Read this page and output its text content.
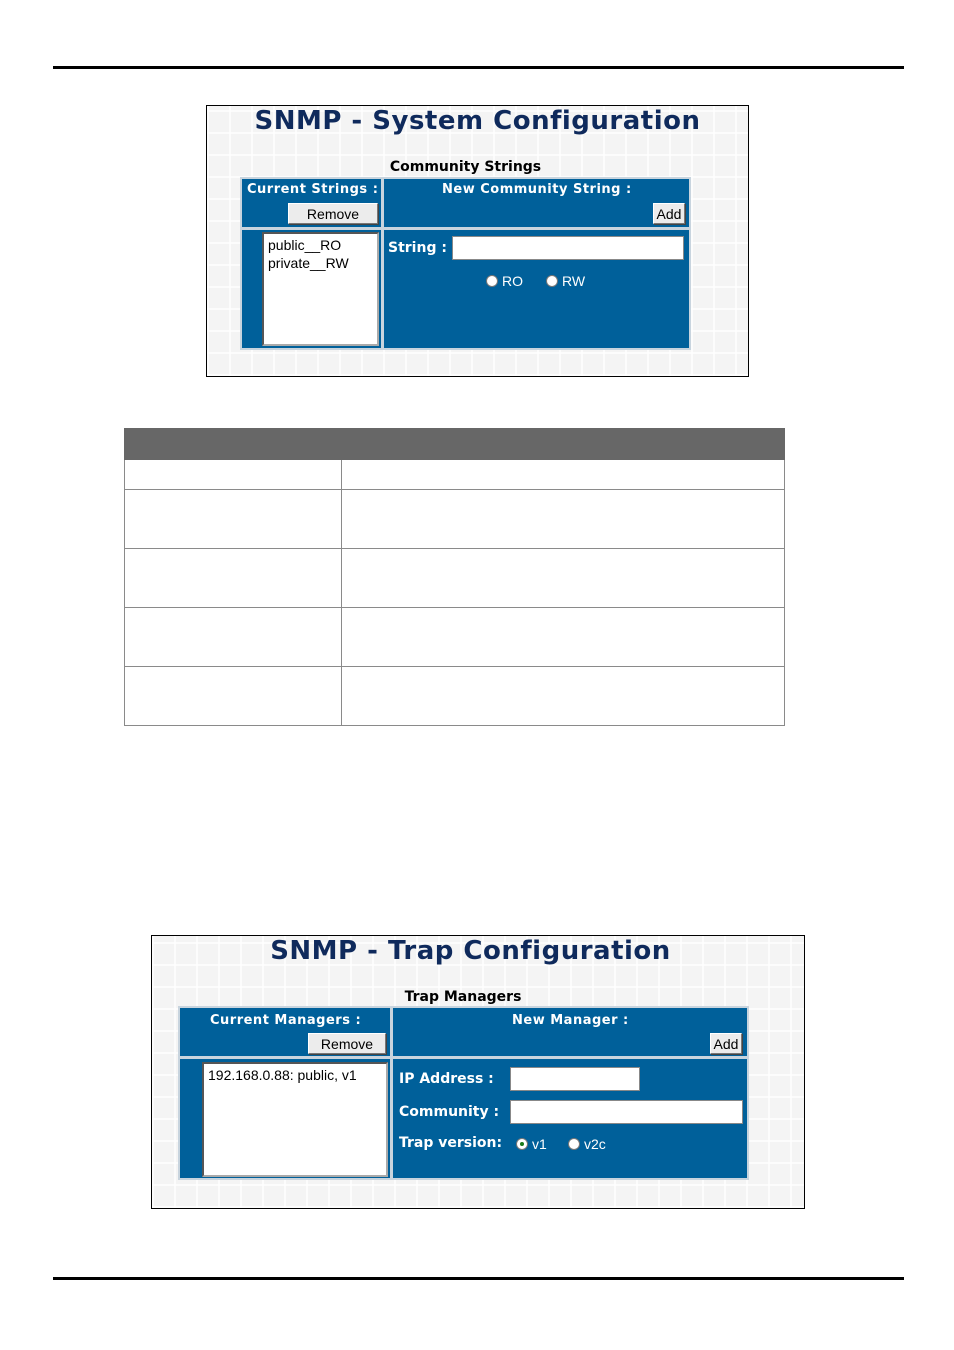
SNMP - System Configuration
Community Strings
Current Strings :
Remove
New Community String :
Add
public__RO
private__RW
String :
RO	RW

SNMP - Trap Configuration
Trap Managers
Current Managers :
Remove
New Manager :
Add
192.168.0.88: public, v1	IP Address :
Community :
Trap version: v1	v2c
